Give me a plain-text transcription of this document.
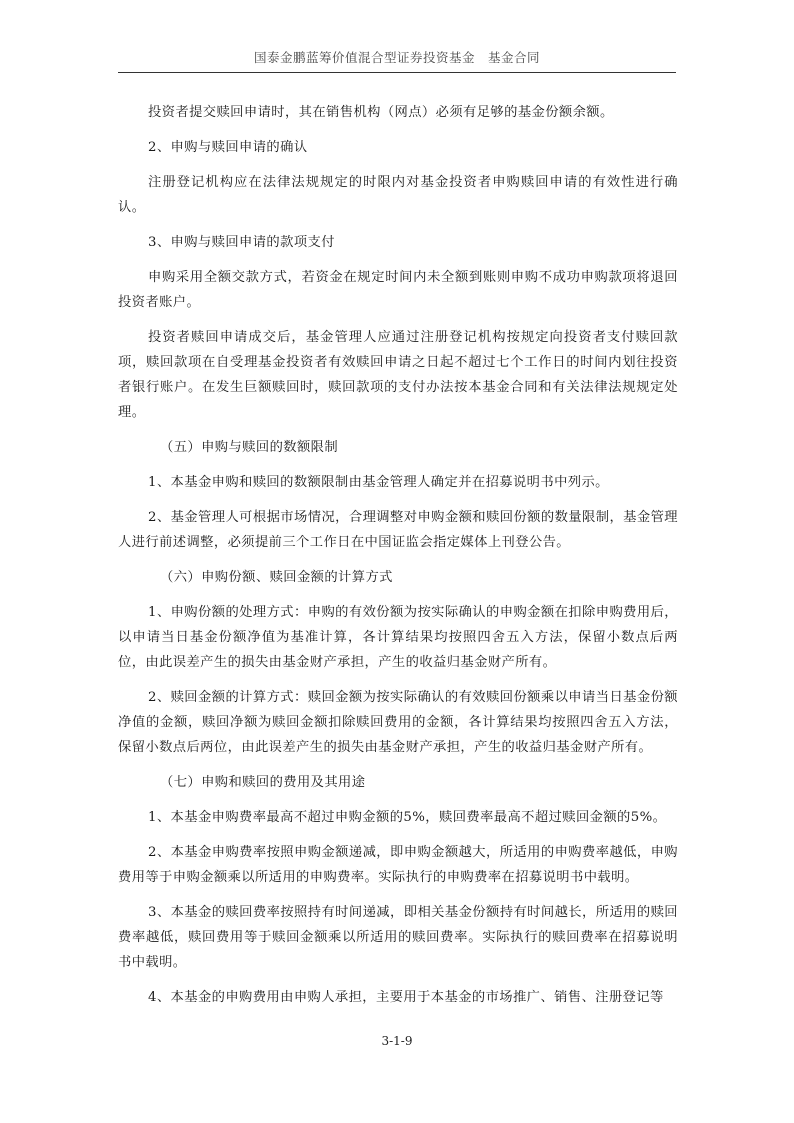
国泰金鹏蓝筹价值混合型证券投资基金　基金合同

投资者提交赎回申请时，其在销售机构（网点）必须有足够的基金份额余额。

2、申购与赎回申请的确认

注册登记机构应在法律法规规定的时限内对基金投资者申购赎回申请的有效性进行确认。

3、申购与赎回申请的款项支付

申购采用全额交款方式，若资金在规定时间内未全额到账则申购不成功申购款项将退回投资者账户。

投资者赎回申请成交后，基金管理人应通过注册登记机构按规定向投资者支付赎回款项，赎回款项在自受理基金投资者有效赎回申请之日起不超过七个工作日的时间内划往投资者银行账户。在发生巨额赎回时，赎回款项的支付办法按本基金合同和有关法律法规规定处理。

（五）申购与赎回的数额限制

1、本基金申购和赎回的数额限制由基金管理人确定并在招募说明书中列示。

2、基金管理人可根据市场情况，合理调整对申购金额和赎回份额的数量限制，基金管理人进行前述调整，必须提前三个工作日在中国证监会指定媒体上刊登公告。

（六）申购份额、赎回金额的计算方式

1、申购份额的处理方式：申购的有效份额为按实际确认的申购金额在扣除申购费用后，以申请当日基金份额净值为基准计算，各计算结果均按照四舍五入方法，保留小数点后两位，由此误差产生的损失由基金财产承担，产生的收益归基金财产所有。

2、赎回金额的计算方式：赎回金额为按实际确认的有效赎回份额乘以申请当日基金份额净值的金额，赎回净额为赎回金额扣除赎回费用的金额，各计算结果均按照四舍五入方法，保留小数点后两位，由此误差产生的损失由基金财产承担，产生的收益归基金财产所有。

（七）申购和赎回的费用及其用途

1、本基金申购费率最高不超过申购金额的5%，赎回费率最高不超过赎回金额的5%。

2、本基金申购费率按照申购金额递减，即申购金额越大，所适用的申购费率越低，申购费用等于申购金额乘以所适用的申购费率。实际执行的申购费率在招募说明书中载明。

3、本基金的赎回费率按照持有时间递减，即相关基金份额持有时间越长，所适用的赎回费率越低，赎回费用等于赎回金额乘以所适用的赎回费率。实际执行的赎回费率在招募说明书中载明。

4、本基金的申购费用由申购人承担，主要用于本基金的市场推广、销售、注册登记等

3-1-9
